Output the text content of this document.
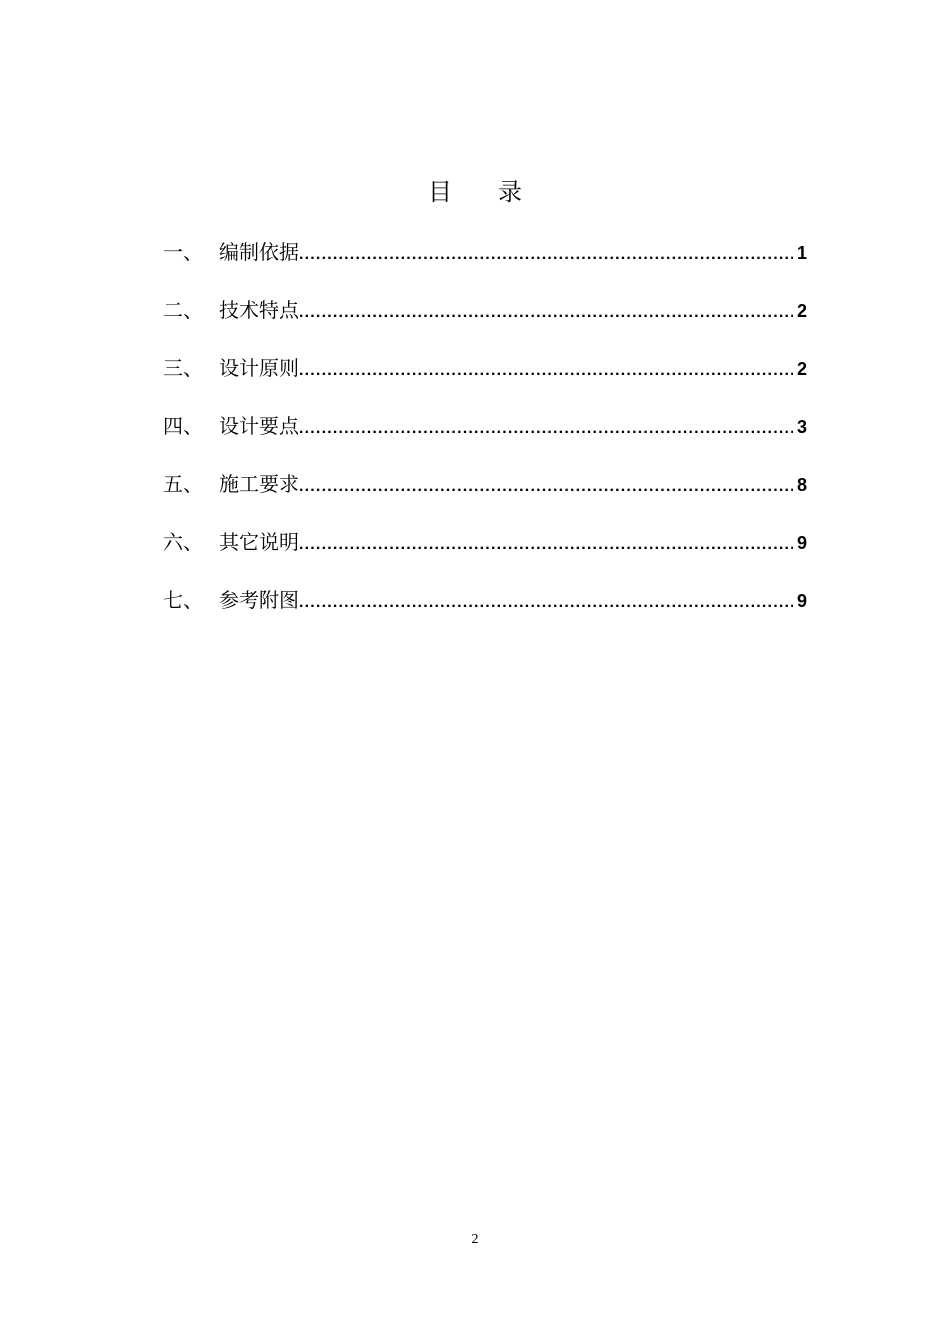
目 录
一、 编制依据 .....	1
二、 技术特点 .....	2
三、 设计原则 .....	2
四、 设计要点 .....	3
五、 施工要求 .....	8
六、 其它说明 .....	9
七、 参考附图 .....	9
2
